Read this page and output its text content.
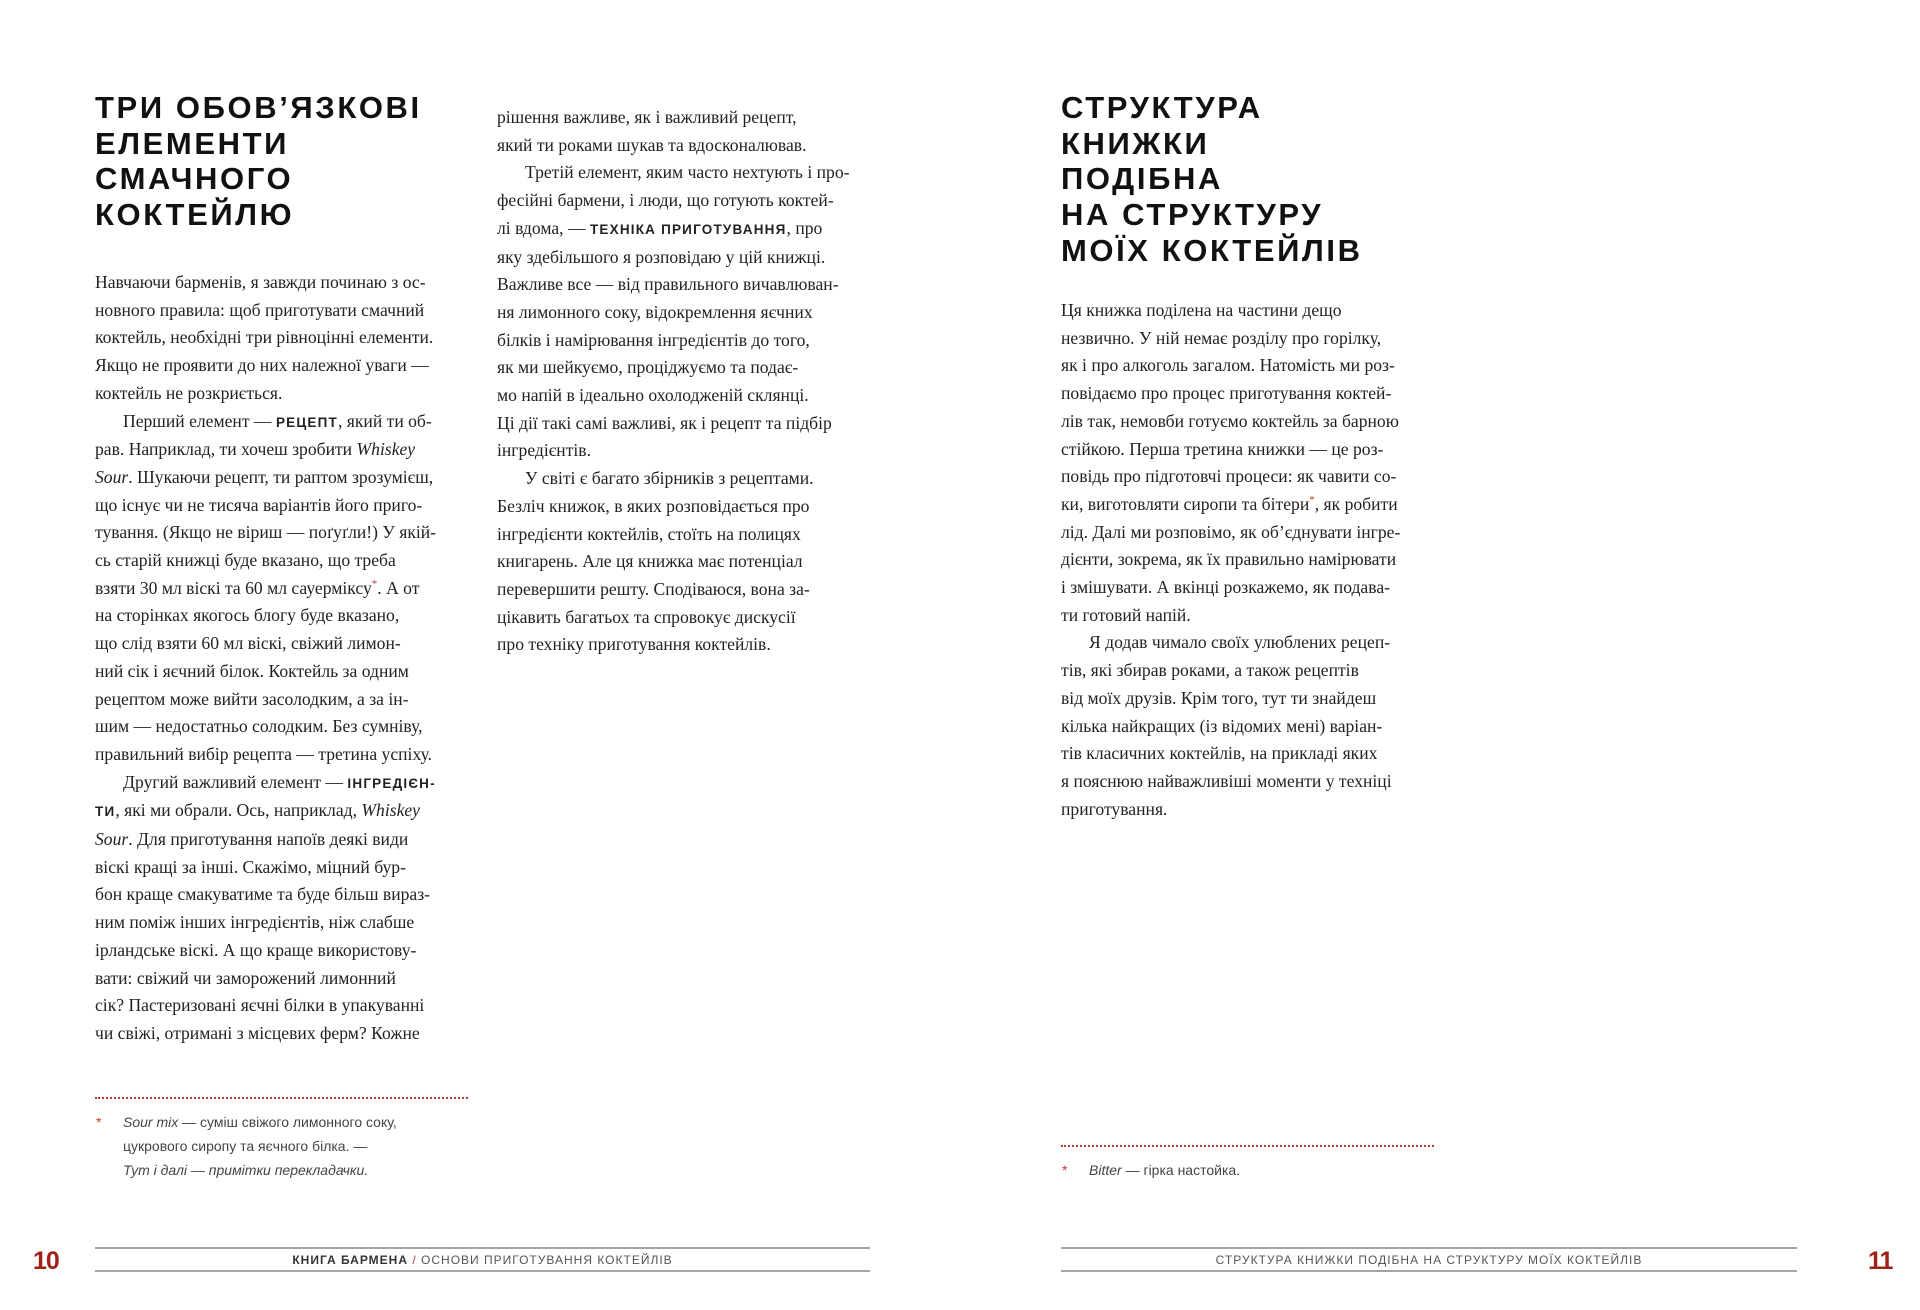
ТРИ ОБОВ’ЯЗКОВІ
ЕЛЕМЕНТИ
СМАЧНОГО
КОКТЕЙЛЮ
Навчаючи барменів, я завжди починаю з ос-
новного правила: щоб приготувати смачний
коктейль, необхідні три рівноцінні елементи.
Якщо не проявити до них належної уваги —
коктейль не розкриється.
Перший елемент — РЕЦЕПТ, який ти об-
рав. Наприклад, ти хочеш зробити Whiskey
Sour. Шукаючи рецепт, ти раптом зрозумієш,
що існує чи не тисяча варіантів його приго-
тування. (Якщо не віриш — поґуґли!) У якій-
сь старій книжці буде вказано, що треба
взяти 30 мл віскі та 60 мл сауерміксу*. А от
на сторінках якогось блогу буде вказано,
що слід взяти 60 мл віскі, свіжий лимон-
ний сік і яєчний білок. Коктейль за одним
рецептом може вийти засолодким, а за ін-
шим — недостатньо солодким. Без сумніву,
правильний вибір рецепта — третина успіху.
Другий важливий елемент — ІНГРЕДІЄН-
ТИ, які ми обрали. Ось, наприклад, Whiskey
Sour. Для приготування напоїв деякі види
віскі кращі за інші. Скажімо, міцний бур-
бон краще смакуватиме та буде більш вираз-
ним поміж інших інгредієнтів, ніж слабше
ірландське віскі. А що краще використову-
вати: свіжий чи заморожений лимонний
сік? Пастеризовані яєчні білки в упакуванні
чи свіжі, отримані з місцевих ферм? Кожне
рішення важливе, як і важливий рецепт,
який ти роками шукав та вдосконалював.
Третій елемент, яким часто нехтують і про-
фесійні бармени, і люди, що готують коктей-
лі вдома, — ТЕХНІКА ПРИГОТУВАННЯ, про
яку здебільшого я розповідаю у цій книжці.
Важливе все — від правильного вичавлюван-
ня лимонного соку, відокремлення яєчних
білків і намірювання інгредієнтів до того,
як ми шейкуємо, проціджуємо та подає-
мо напій в ідеально охолодженій склянці.
Ці дії такі самі важливі, як і рецепт та підбір
інгредієнтів.
У світі є багато збірників з рецептами.
Безліч книжок, в яких розповідається про
інгредієнти коктейлів, стоїть на полицях
книгарень. Але ця книжка має потенціал
перевершити решту. Сподіваюся, вона за-
цікавить багатьох та спровокує дискусії
про техніку приготування коктейлів.
* Sour mix — суміш свіжого лимонного соку,
цукрового сиропу та яєчного білка. —
Тут і далі — примітки перекладачки.
КНИГА БАРМЕНА / ОСНОВИ ПРИГОТУВАННЯ КОКТЕЙЛІВ
10
СТРУКТУРА
КНИЖКИ
ПОДІБНА
НА СТРУКТУРУ
МОЇХ КОКТЕЙЛІВ
Ця книжка поділена на частини дещо
незвично. У ній немає розділу про горілку,
як і про алкоголь загалом. Натомість ми роз-
повідаємо про процес приготування коктей-
лів так, немовби готуємо коктейль за барною
стійкою. Перша третина книжки — це роз-
повідь про підготовчі процеси: як чавити со-
ки, виготовляти сиропи та бітери*, як робити
лід. Далі ми розповімо, як об’єднувати інгре-
дієнти, зокрема, як їх правильно намірювати
і змішувати. А вкінці розкажемо, як подава-
ти готовий напій.
Я додав чимало своїх улюблених рецеп-
тів, які збирав роками, а також рецептів
від моїх друзів. Крім того, тут ти знайдеш
кілька найкращих (із відомих мені) варіан-
тів класичних коктейлів, на прикладі яких
я пояснюю найважливіші моменти у техніці
приготування.
* Bitter — гірка настойка.
СТРУКТУРА КНИЖКИ ПОДІБНА НА СТРУКТУРУ МОЇХ КОКТЕЙЛІВ	11
